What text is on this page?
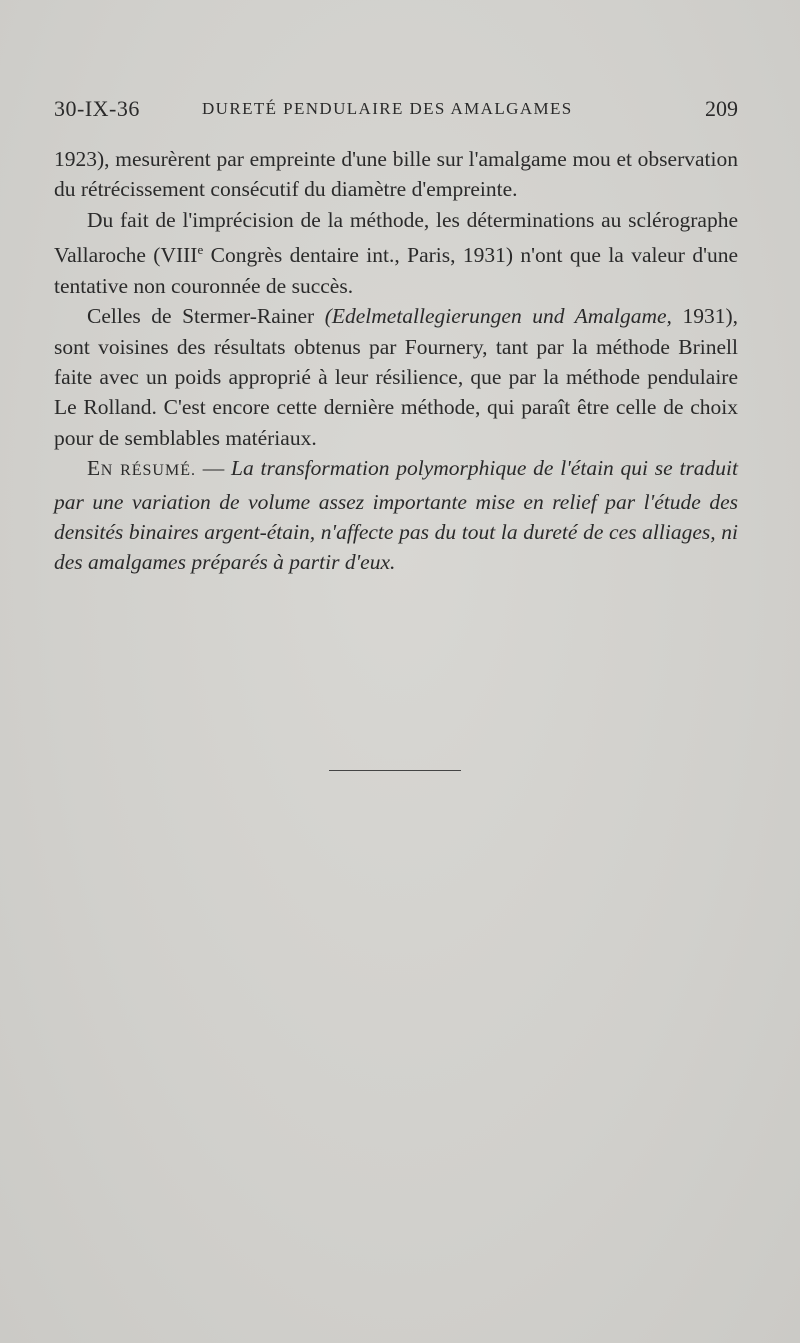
30-IX-36	DURETÉ PENDULAIRE DES AMALGAMES	209

1923), mesurèrent par empreinte d'une bille sur l'amalgame mou et observation du rétrécissement consécutif du diamètre d'empreinte.

Du fait de l'imprécision de la méthode, les déterminations au sclérographe Vallaroche (VIIIe Congrès dentaire int., Paris, 1931) n'ont que la valeur d'une tentative non couronnée de succès.

Celles de Stermer-Rainer (Edelmetallegierungen und Amalgame, 1931), sont voisines des résultats obtenus par Fournery, tant par la méthode Brinell faite avec un poids approprié à leur résilience, que par la méthode pendulaire Le Rolland. C'est encore cette dernière méthode, qui paraît être celle de choix pour de semblables matériaux.

EN RÉSUMÉ. — La transformation polymorphique de l'étain qui se traduit par une variation de volume assez importante mise en relief par l'étude des densités binaires argent-étain, n'affecte pas du tout la dureté de ces alliages, ni des amalgames préparés à partir d'eux.
